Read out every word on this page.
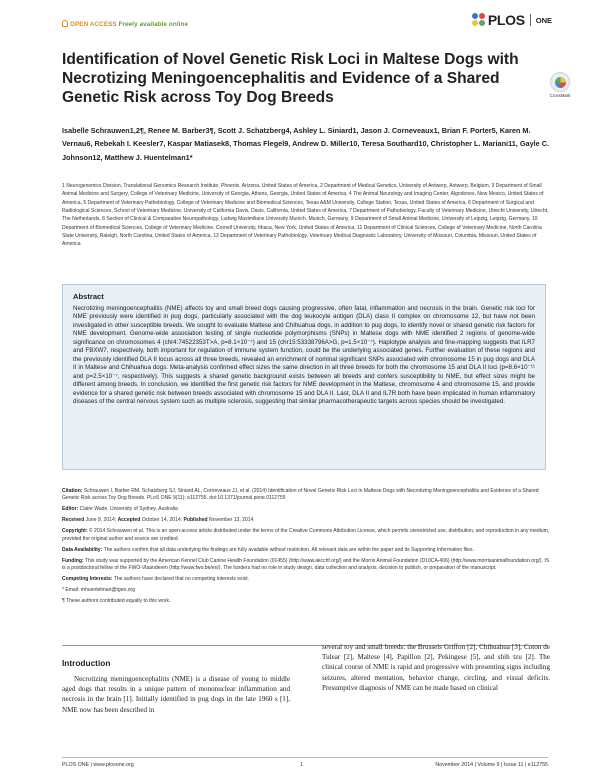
OPEN ACCESS Freely available online	PLOS ONE
Identification of Novel Genetic Risk Loci in Maltese Dogs with Necrotizing Meningoencephalitis and Evidence of a Shared Genetic Risk across Toy Dog Breeds	CrossMark
Isabelle Schrauwen1,2¶, Renee M. Barber3¶, Scott J. Schatzberg4, Ashley L. Siniard1, Jason J. Corneveaux1, Brian F. Porter5, Karen M. Vernau6, Rebekah I. Keesler7, Kaspar Matiasek8, Thomas Flegel9, Andrew D. Miller10, Teresa Southard10, Christopher L. Mariani11, Gayle C. Johnson12, Matthew J. Huentelman1*
1 Neurogenomics Division, Translational Genomics Research Institute, Phoenix, Arizona, United States of America, 2 Department of Medical Genetics, University of Antwerp, Antwerp, Belgium, 3 Department of Small Animal Medicine and Surgery, College of Veterinary Medicine, University of Georgia, Athens, Georgia, United States of America, 4 The Animal Neurology and Imaging Center, Algodones, New Mexico, United States of America, 5 Department of Veterinary Pathobiology, College of Veterinary Medicine and Biomedical Sciences, Texas A&M University, College Station, Texas, United States of America, 6 Department of Surgical and Radiological Sciences, School of Veterinary Medicine, University of California Davis, Davis, California, United States of America, 7 Department of Pathobiology, Faculty of Veterinary Medicine, Utrecht University, Utrecht, The Netherlands, 8 Section of Clinical & Comparative Neuropathology, Ludwig Maximilians University Munich, Munich, Germany, 9 Department of Small Animal Medicine, University of Leipzig, Leipzig, Germany, 10 Department of Biomedical Sciences, College of Veterinary Medicine, Cornell University, Ithaca, New York, United States of America, 11 Department of Clinical Sciences, College of Veterinary Medicine, North Carolina State University, Raleigh, North Carolina, United States of America, 12 Department of Veterinary Pathobiology, Veterinary Medical Diagnostic Laboratory, University of Missouri, Columbia, Missouri, United States of America
Abstract

Necrotizing meningoencephalitis (NME) affects toy and small breed dogs causing progressive, often fatal, inflammation and necrosis in the brain. Genetic risk loci for NME previously were identified in pug dogs, particularly associated with the dog leukocyte antigen (DLA) class II complex on chromosome 12, but have not been investigated in other susceptible breeds. We sought to evaluate Maltese and Chihuahua dogs, in addition to pug dogs, to identify novel or shared genetic risk factors for NME development. Genome-wide association testing of single nucleotide polymorphisms (SNPs) in Maltese dogs with NME identified 2 regions of genome-wide significance on chromosomes 4 (chr4:74522353T>A, p=8.1×10⁻⁷) and 15 (chr15:53338796A>G, p=1.5×10⁻⁷). Haplotype analysis and fine-mapping suggests that ILR7 and FBXW7, respectively, both important for regulation of immune system function, could be the underlying associated genes. Further evaluation of these regions and the previously identified DLA II locus across all three breeds, revealed an enrichment of nominal significant SNPs associated with chromosome 15 in pug dogs and DLA II in Maltese and Chihuahua dogs. Meta-analysis confirmed effect sizes the same direction in all three breeds for both the chromosome 15 and DLA II loci (p=8.6×10⁻¹¹ and p=2.5×10⁻⁷, respectively). This suggests a shared genetic background exists between all breeds and confers susceptibility to NME, but effect sizes might be different among breeds. In conclusion, we identified the first genetic risk factors for NME development in the Maltese, chromosome 4 and chromosome 15, and provide evidence for a shared genetic risk between breeds associated with chromosome 15 and DLA II. Last, DLA II and IL7R both have been implicated in human inflammatory diseases of the central nervous system such as multiple sclerosis, suggesting that similar pharmacotherapeutic targets across species should be investigated.

Citation: Schrauwen I, Barber RM, Schatzberg SJ, Siniard AL, Corneveaux JJ, et al. (2014) Identification of Novel Genetic Risk Loci in Maltese Dogs with Necrotizing Meningoencephalitis and Evidence of a Shared Genetic Risk across Toy Dog Breeds. PLoS ONE 9(11): e112755. doi:10.1371/journal.pone.0112755
Editor: Claire Wade, University of Sydney, Australia
Received June 9, 2014; Accepted October 14, 2014; Published November 13, 2014
Copyright: © 2014 Schrauwen et al. This is an open-access article distributed under the terms of the Creative Commons Attribution License, which permits unrestricted use, distribution, and reproduction in any medium, provided the original author and source are credited.
Data Availability: The authors confirm that all data underlying the findings are fully available without restriction. All relevant data are within the paper and its Supporting Information files.
Funding: This study was supported by the American Kennel Club Canine Health Foundation (01455) (http://www.akcchf.org/) and the Morris Animal Foundation (D10CA-406) (http://www.morrisanimalfoundation.org/). IS is a postdoctoral fellow of the FWO-Vlaanderen (http://www.fwo.be/en/). The funders had no role in study design, data collection and analysis, decision to publish, or preparation of the manuscript.
Competing Interests: The authors have declared that no competing interests exist.
* Email: mhuentelman@tgen.org
¶ These authors contributed equally to this work.
Introduction
Necrotizing meningoencephalitis (NME) is a disease of young to middle aged dogs that results in a unique pattern of mononuclear inflammation and necrosis in the brain [1]. Initially identified in pug dogs in the late 1960 s [1], NME now has been described in
several toy and small breeds: the Brussels Griffon [2], Chihuahua [3], Coton de Tulear [2], Maltese [4], Papillon [2], Pekingese [5], and shih tzu [2]. The clinical course of NME is rapid and progressive with presenting signs including seizures, altered mentation, behavior change, circling, and visual deficits. Presumptive diagnosis of NME can be made based on clinical
PLOS ONE | www.plosone.org	1	November 2014 | Volume 9 | Issue 11 | e112755
